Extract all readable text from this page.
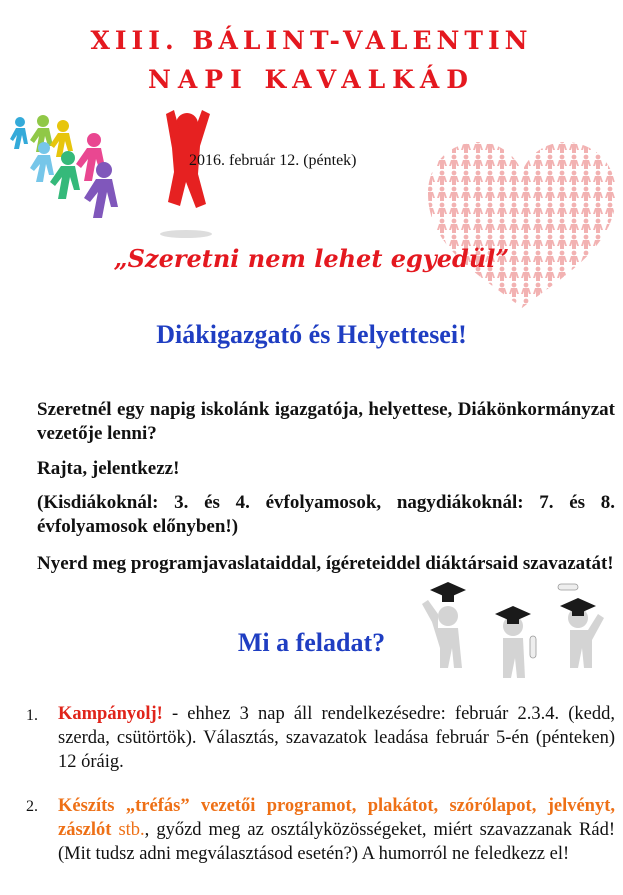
XIII. BÁLINT-VALENTIN
NAPI KAVALKÁD
2016. február 12. (péntek)
„Szeretni nem lehet egyedül”
Diákigazgató és Helyettesei!
Szeretnél egy napig iskolánk igazgatója, helyettese, Diákönkormányzat vezetője lenni?
Rajta, jelentkezz!
(Kisdiákoknál: 3. és 4. évfolyamosok, nagydiákoknál: 7. és 8. évfolyamosok előnyben!)
Nyerd meg programjavaslataiddal, ígéreteiddel diáktársaid szavazatát!
Mi a feladat?
1. Kampányolj! - ehhez 3 nap áll rendelkezésedre: február 2.3.4. (kedd, szerda, csütörtök). Választás, szavazatok leadása február 5-én (pénteken) 12 óráig.
2. Készíts „tréfás” vezetői programot, plakátot, szórólapot, jelvényt, zászlót stb., győzd meg az osztályközösségeket, miért szavazzanak Rád! (Mit tudsz adni megválasztásod esetén?) A humorról ne feledkezz el!
